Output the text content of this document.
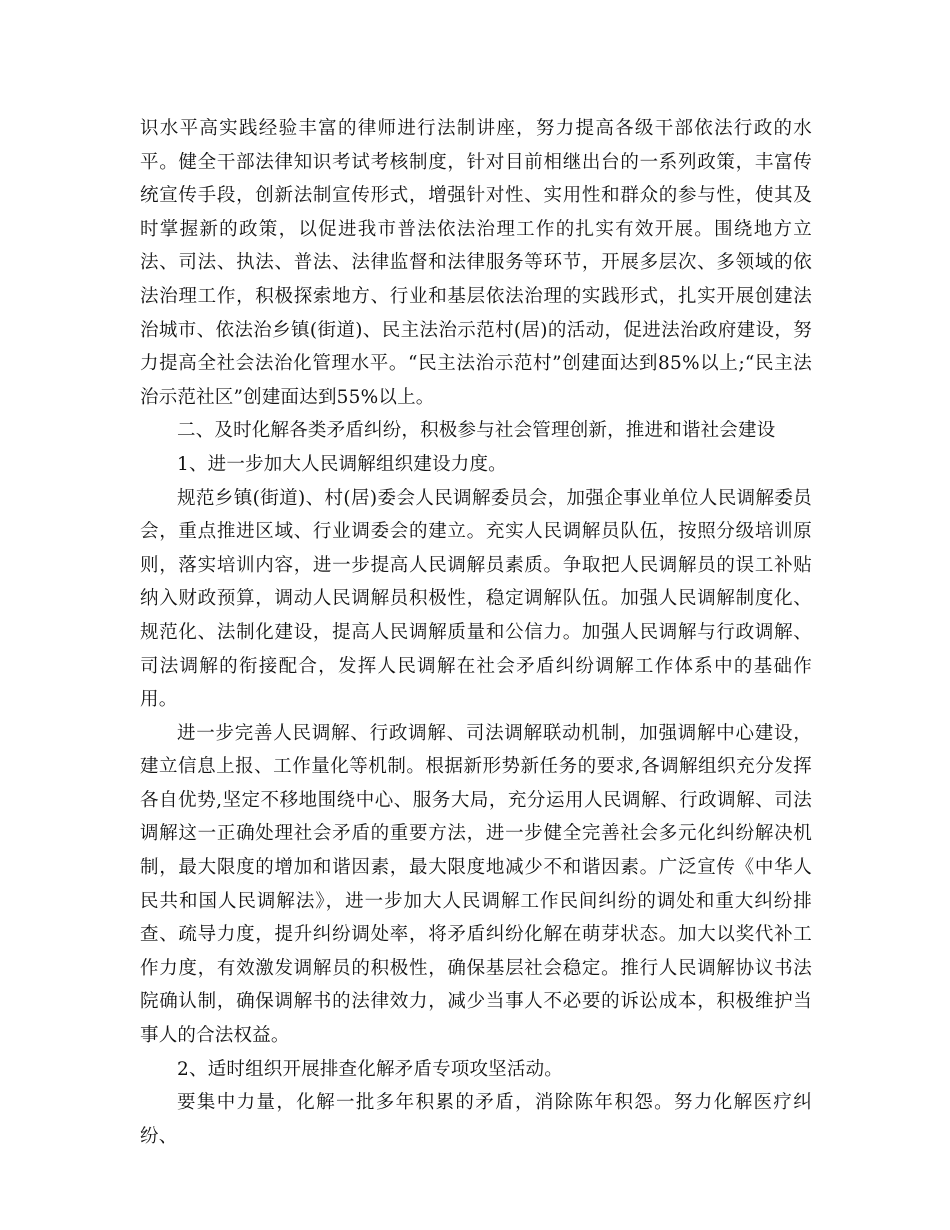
识水平高实践经验丰富的律师进行法制讲座，努力提高各级干部依法行政的水平。健全干部法律知识考试考核制度，针对目前相继出台的一系列政策，丰富传统宣传手段，创新法制宣传形式，增强针对性、实用性和群众的参与性，使其及时掌握新的政策，以促进我市普法依法治理工作的扎实有效开展。围绕地方立法、司法、执法、普法、法律监督和法律服务等环节，开展多层次、多领域的依法治理工作，积极探索地方、行业和基层依法治理的实践形式，扎实开展创建法治城市、依法治乡镇(街道)、民主法治示范村(居)的活动，促进法治政府建设，努力提高全社会法治化管理水平。“民主法治示范村”创建面达到85%以上;“民主法治示范社区”创建面达到55%以上。

二、及时化解各类矛盾纠纷，积极参与社会管理创新，推进和谐社会建设

1、进一步加大人民调解组织建设力度。

规范乡镇(街道)、村(居)委会人民调解委员会，加强企事业单位人民调解委员会，重点推进区域、行业调委会的建立。充实人民调解员队伍，按照分级培训原则，落实培训内容，进一步提高人民调解员素质。争取把人民调解员的误工补贴纳入财政预算，调动人民调解员积极性，稳定调解队伍。加强人民调解制度化、规范化、法制化建设，提高人民调解质量和公信力。加强人民调解与行政调解、司法调解的衔接配合，发挥人民调解在社会矛盾纠纷调解工作体系中的基础作用。

进一步完善人民调解、行政调解、司法调解联动机制，加强调解中心建设，建立信息上报、工作量化等机制。根据新形势新任务的要求,各调解组织充分发挥各自优势,坚定不移地围绕中心、服务大局，充分运用人民调解、行政调解、司法调解这一正确处理社会矛盾的重要方法，进一步健全完善社会多元化纠纷解决机制，最大限度的增加和谐因素，最大限度地减少不和谐因素。广泛宣传《中华人民共和国人民调解法》，进一步加大人民调解工作民间纠纷的调处和重大纠纷排查、疏导力度，提升纠纷调处率，将矛盾纠纷化解在萌芽状态。加大以奖代补工作力度，有效激发调解员的积极性，确保基层社会稳定。推行人民调解协议书法院确认制，确保调解书的法律效力，减少当事人不必要的诉讼成本，积极维护当事人的合法权益。

2、适时组织开展排查化解矛盾专项攻坚活动。

要集中力量，化解一批多年积累的矛盾，消除陈年积怨。努力化解医疗纠纷、
